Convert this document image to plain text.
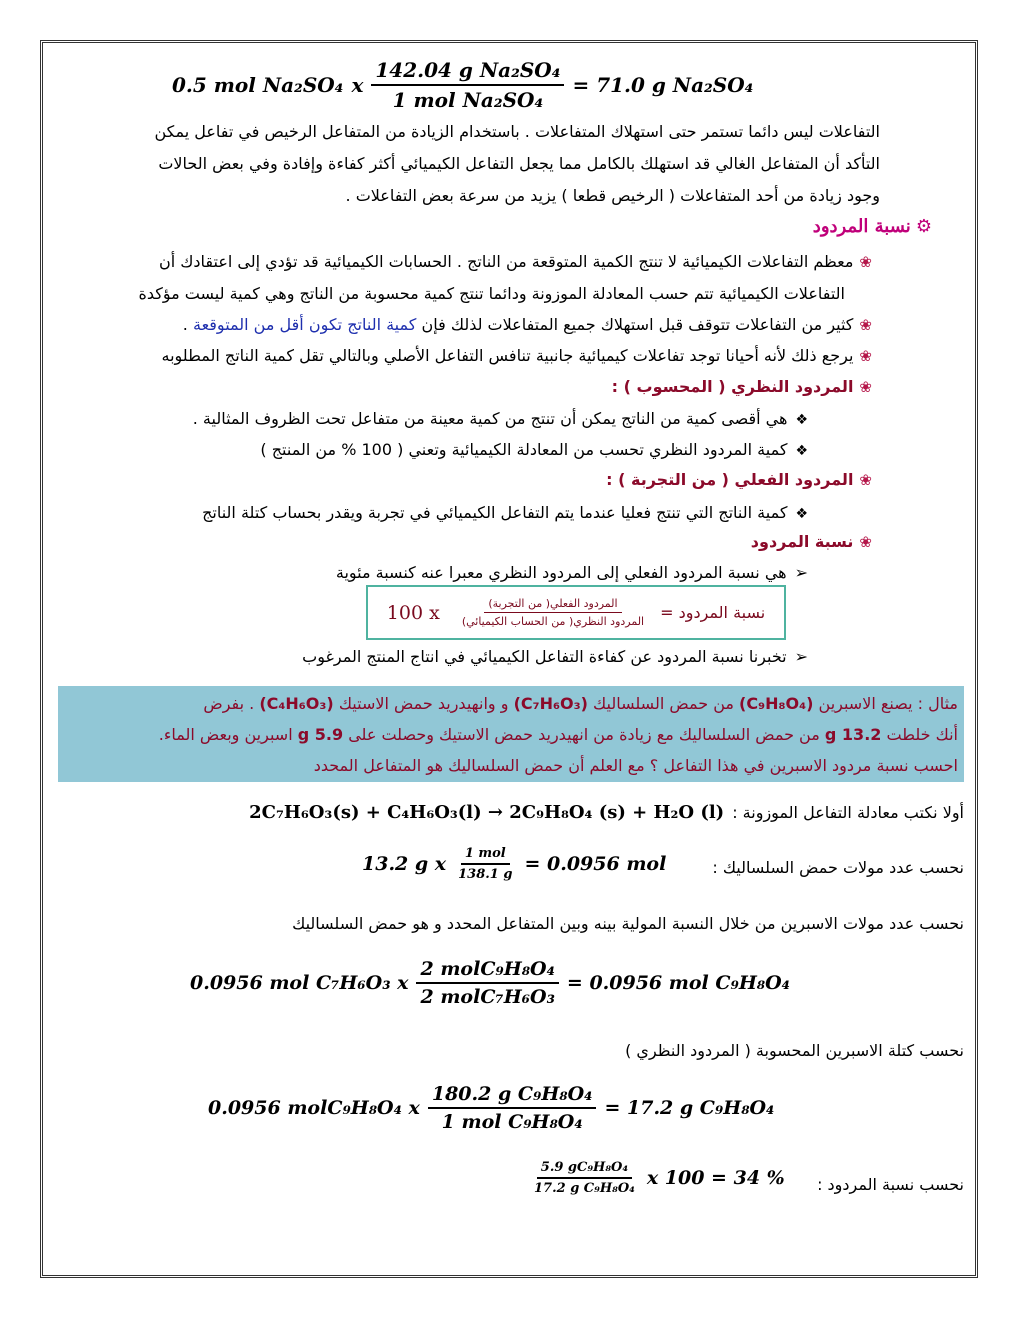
0.5 mol Na₂SO₄ x $\frac{\text{142.04 g Na₂SO₄}}{\text{1 mol Na₂SO₄}} = 71.0$ g Na₂SO₄
التفاعلات ليس دائما تستمر حتى استهلاك المتفاعلات . باستخدام الزيادة من المتفاعل الرخيص في تفاعل يمكن
التأكد أن المتفاعل الغالي قد استهلك بالكامل مما يجعل التفاعل الكيميائي أكثر كفاءة وإفادة وفي بعض الحالات
وجود زيادة من أحد المتفاعلات ( الرخيص قطعا ) يزيد من سرعة بعض التفاعلات .
⚙ نسبة المردود
❀معظم التفاعلات الكيميائية لا تنتج الكمية المتوقعة من الناتج . الحسابات الكيميائية قد تؤدي إلى اعتقادك أن
التفاعلات الكيميائية تتم حسب المعادلة الموزونة ودائما تنتج كمية محسوبة من الناتج وهي كمية ليست مؤكدة
❀كثير من التفاعلات تتوقف قبل استهلاك جميع المتفاعلات لذلك فإن كمية الناتج تكون أقل من المتوقعة .
❀يرجع ذلك لأنه أحيانا توجد تفاعلات كيميائية جانبية تنافس التفاعل الأصلي وبالتالي تقل كمية الناتج المطلوبه
❀المردود النظري ( المحسوب ) :
❖هي أقصى كمية من الناتج يمكن أن تنتج من كمية معينة من متفاعل تحت الظروف المثالية .
❖كمية المردود النظري تحسب من المعادلة الكيميائية وتعني ( 100 % من المنتج )
❀المردود الفعلي ( من التجربة ) :
❖كمية الناتج التي تنتج فعليا عندما يتم التفاعل الكيميائي في تجربة ويقدر بحساب كتلة الناتج
❀نسبة المردود
➢هي نسبة المردود الفعلي إلى المردود النظري معبرا عنه كنسبة مئوية
100 x $\frac{\text{المردود الفعلي( من التجربة)}}{\text{المردود النظري( من الحساب الكيميائي)}}$ نسبة المردود =
➢تخبرنا نسبة المردود عن كفاءة التفاعل الكيميائي في انتاج المنتج المرغوب
مثال : يصنع الاسبرين (C₉H₈O₄) من حمض السلساليك (C₇H₆O₃) و وانهيدريد حمض الاستيك (C₄H₆O₃) . بفرض
أنك خلطت 13.2 g من حمض السلساليك مع زيادة من انهيدريد حمض الاستيك وحصلت على 5.9 g اسبرين وبعض الماء.
احسب نسبة مردود الاسبرين في هذا التفاعل ؟ مع العلم أن حمض السلساليك هو المتفاعل المحدد
أولا نكتب معادلة التفاعل الموزونة :
2C₇H₆O₃(s) + C₄H₆O₃(l) → 2C₉H₈O₄ (s) + H₂O (l)
نحسب عدد مولات حمض السلساليك :
13.2 g x $\frac{\text{1 mol}}{138.1 g} = 0.0956$ mol
نحسب عدد مولات الاسبرين من خلال النسبة المولية بينه وبين المتفاعل المحدد و هو حمض السلساليك
0.0956 mol C₇H₆O₃ x $\frac{\text{2 molC₉H₈O₄}}{\text{2 molC₇H₆O₃}} = 0.0956$ mol C₉H₈O₄
نحسب كتلة الاسبرين المحسوبة ( المردود النظري )
0.0956 molC₉H₈O₄ x $\frac{\text{180.2 g C₉H₈O₄}}{\text{1 mol C₉H₈O₄}} = 17.2$ g C₉H₈O₄
نحسب نسبة المردود :
$\frac{\text{5.9 gC₉H₈O₄}}{\text{17.2 g C₉H₈O₄}}$ x 100 = 34 %
